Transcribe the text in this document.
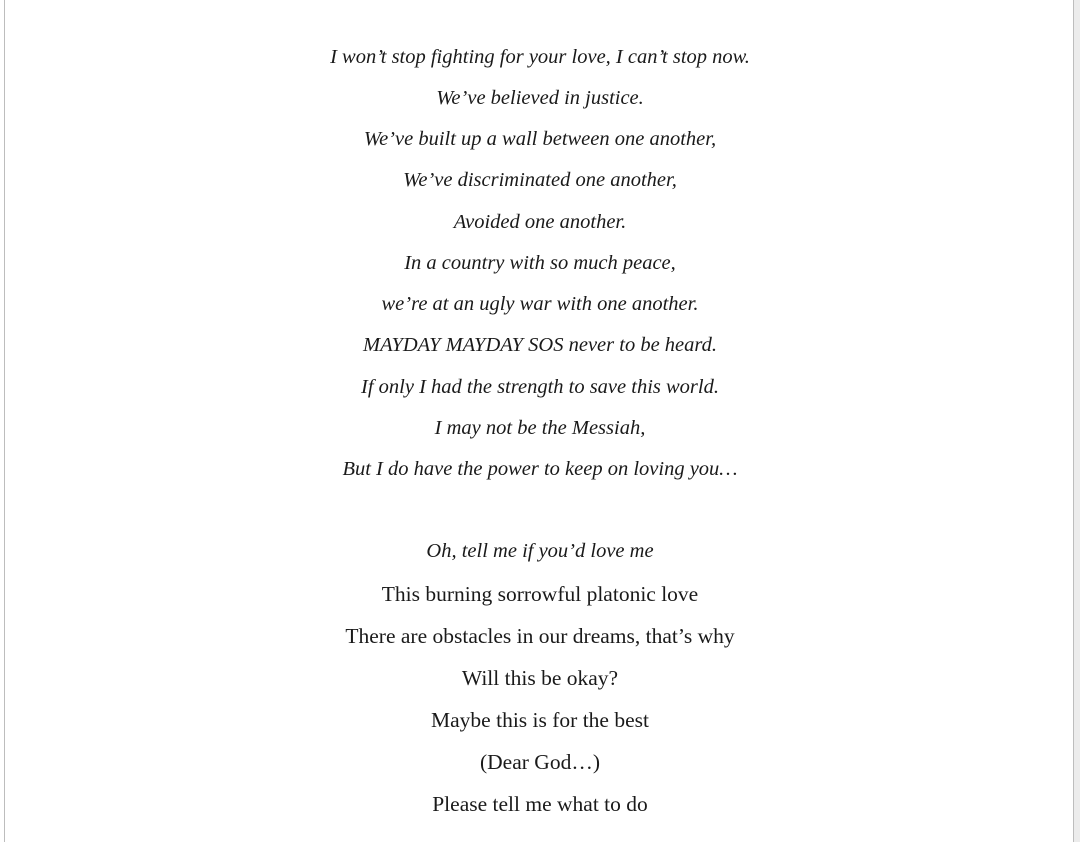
I won’t stop fighting for your love, I can’t stop now.
We’ve believed in justice.
We’ve built up a wall between one another,
We’ve discriminated one another,
Avoided one another.
In a country with so much peace,
we’re at an ugly war with one another.
MAYDAY MAYDAY SOS never to be heard.
If only I had the strength to save this world.
I may not be the Messiah,
But I do have the power to keep on loving you…
Oh, tell me if you’d love me
This burning sorrowful platonic love
There are obstacles in our dreams, that’s why
Will this be okay?
Maybe this is for the best
(Dear God…)
Please tell me what to do
